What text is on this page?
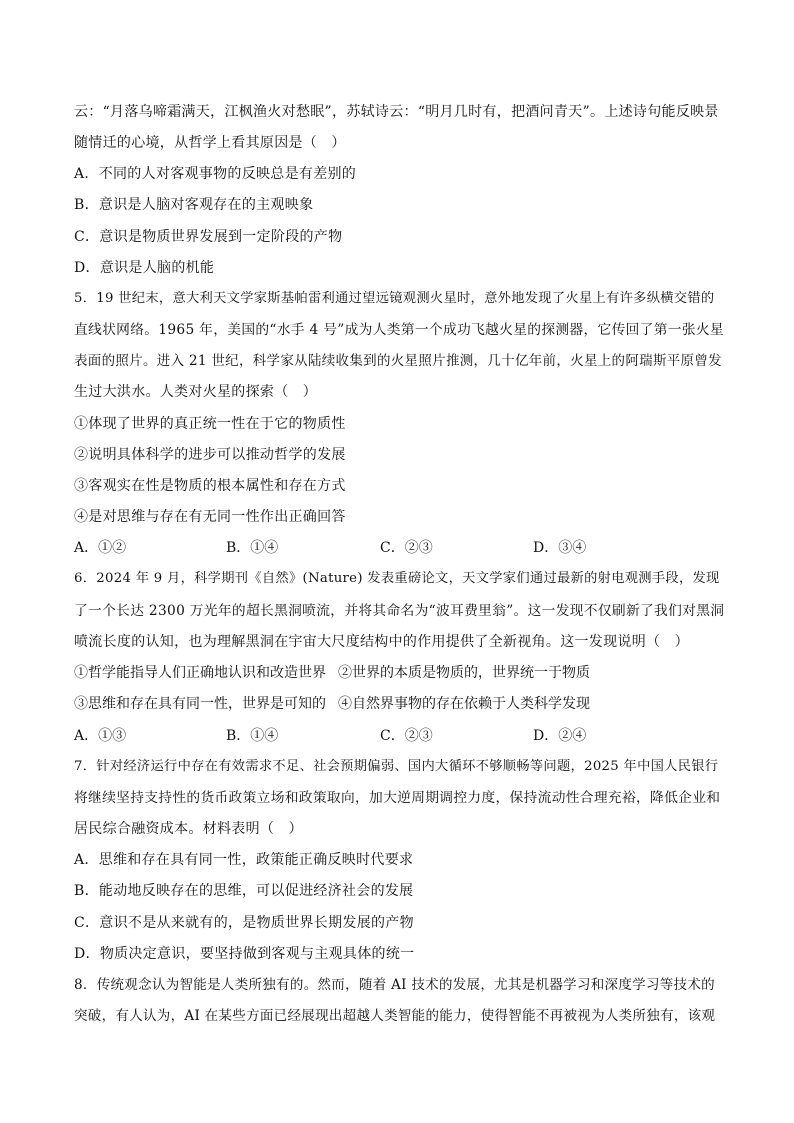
云：“月落乌啼霜满天，江枫渔火对愁眠”，苏轼诗云：“明月几时有，把酒问青天”。上述诗句能反映景
随情迁的心境，从哲学上看其原因是（　）
A．不同的人对客观事物的反映总是有差别的
B．意识是人脑对客观存在的主观映象
C．意识是物质世界发展到一定阶段的产物
D．意识是人脑的机能
5．19 世纪末，意大利天文学家斯基帕雷利通过望远镜观测火星时，意外地发现了火星上有许多纵横交错的
直线状网络。1965 年，美国的“水手 4 号”成为人类第一个成功飞越火星的探测器，它传回了第一张火星
表面的照片。进入 21 世纪，科学家从陆续收集到的火星照片推测，几十亿年前，火星上的阿瑞斯平原曾发
生过大洪水。人类对火星的探索（　）
①体现了世界的真正统一性在于它的物质性
②说明具体科学的进步可以推动哲学的发展
③客观实在性是物质的根本属性和存在方式
④是对思维与存在有无同一性作出正确回答
A．①②	B．①④	C．②③	D．③④
6．2024 年 9 月，科学期刊《自然》(Nature) 发表重磅论文，天文学家们通过最新的射电观测手段，发现
了一个长达 2300 万光年的超长黑洞喷流，并将其命名为“波耳费里翁”。这一发现不仅刷新了我们对黑洞
喷流长度的认知，也为理解黑洞在宇宙大尺度结构中的作用提供了全新视角。这一发现说明（　）
①哲学能指导人们正确地认识和改造世界 ②世界的本质是物质的，世界统一于物质
③思维和存在具有同一性，世界是可知的 ④自然界事物的存在依赖于人类科学发现
A．①③	B．①④	C．②③	D．②④
7．针对经济运行中存在有效需求不足、社会预期偏弱、国内大循环不够顺畅等问题，2025 年中国人民银行
将继续坚持支持性的货币政策立场和政策取向，加大逆周期调控力度，保持流动性合理充裕，降低企业和
居民综合融资成本。材料表明（　）
A．思维和存在具有同一性，政策能正确反映时代要求
B．能动地反映存在的思维，可以促进经济社会的发展
C．意识不是从来就有的，是物质世界长期发展的产物
D．物质决定意识，要坚持做到客观与主观具体的统一
8．传统观念认为智能是人类所独有的。然而，随着 AI 技术的发展，尤其是机器学习和深度学习等技术的
突破，有人认为，AI 在某些方面已经展现出超越人类智能的能力，使得智能不再被视为人类所独有，该观
